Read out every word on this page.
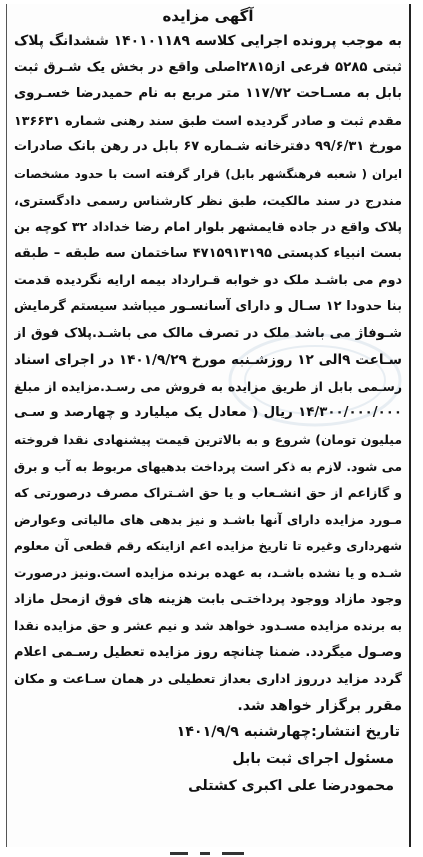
آگهی مزایده
به موجب پرونده اجرایی کلاسه ۱۴۰۱۰۱۱۸۹ ششدانگ پلاک
ثبتی ۵۲۸۵ فرعی از۲۸۱۵اصلی واقع در بخش یک شـرق ثبت
بابل به مسـاحت ۱۱۷/۷۲ متر مربع به نام حمیدرضا خسـروی
مقدم ثبت و صادر گردیده است طبق سند رهنی شماره ۱۳۶۶۳۱
مورخ ۹۹/۶/۳۱ دفترخانه شـماره ۶۷ بابل در رهن بانک صادرات
ایران ( شعبه فرهنگشهر بابل) قرار گرفته است با حدود مشخصات
مندرج در سند مالکیت، طبق نظر کارشناس رسمی دادگستری،
پلاک واقع در جاده قایمشهر بلوار امام رضا خداداد ۳۲ کوچه بن
بست انبیاء کدپستی ۴۷۱۵۹۱۳۱۹۵ ساختمان سه طبقه – طبقه
دوم می باشـد ملک دو خوابه قـرارداد بیمه ارایه نگردیده قدمت
بنا حدودا ۱۲ سـال و دارای آسانسـور میباشد سیستم گرمایش
شـوفاژ می باشد ملک در تصرف مالک می باشـد.پلاک فوق از
سـاعت ۹الی ۱۲ روزشـنبه مورخ ۱۴۰۱/۹/۲۹ در اجرای اسناد
رسـمی بابل از طریق مزایده به فروش می رسـد.مزایده از مبلغ
۱۴/۳۰۰/۰۰۰/۰۰۰ ریال ( معادل یک میلیارد و چهارصد و سـی
میلیون تومان) شروع و به بالاترین قیمت پیشنهادی نقدا فروخته
می شود. لازم به ذکر است پرداخت بدهیهای مربوط به آب و برق
و گازاعم از حق انشـعاب و یا حق اشـتراک مصرف درصورتی که
مـورد مزایده دارای آنها باشـد و نیز بدهی های مالیاتی وعوارض
شهرداری وغیره تا تاریخ مزایده اعم ازاینکه رقم قطعی آن معلوم
شـده و یا نشده باشـد، به عهده برنده مزایده است.ونیز درصورت
وجود مازاد ووجود پرداختـی بابت هزینه های فوق ازمحل مازاد
به برنده مزایده مسـدود خواهد شد و نیم عشر و حق مزایده نقدا
وصـول میگردد. ضمنا چنانچه روز مزایده تعطیل رسـمی اعلام
گردد مزاید درروز اداری بعداز تعطیلی در همان سـاعت و مکان
مقرر برگزار خواهد شد.
تاریخ انتشار:چهارشنبه ۱۴۰۱/۹/۹
مسئول اجرای ثبت بابل
محمودرضا علی اکبری کشتلی
